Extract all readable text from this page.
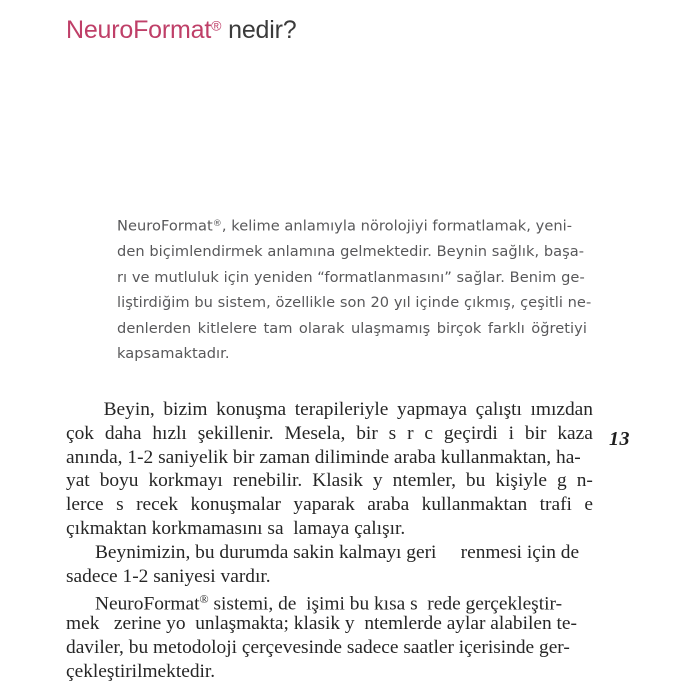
NeuroFormat® nedir?
NeuroFormat®, kelime anlamıyla nörolojiyi formatlamak, yeni-
den biçimlendirmek anlamına gelmektedir. Beynin sağlık, başa-
rı ve mutluluk için yeniden “formatlanmasını” sağlar. Benim ge-
liştirdiğim bu sistem, özellikle son 20 yıl içinde çıkmış, çeşitli ne-
denlerden kitlelere tam olarak ulaşmamış birçok farklı öğretiyi
kapsamaktadır.
Beyin, bizim konuşma terapileriyle yapmaya çalıştı ımızdan
çok daha hızlı şekillenir. Mesela, bir s r c geçirdi i bir kaza
anında, 1-2 saniyelik bir zaman diliminde araba kullanmaktan, ha-
yat boyu korkmayı renebilir. Klasik y ntemler, bu kişiyle g n-
lerce s recek konuşmalar yaparak araba kullanmaktan trafi e
çıkmaktan korkmamasını sa  lamaya çalışır.
Beynimizin, bu durumda sakin kalmayı geri     renmesi için de
sadece 1-2 saniyesi vardır.
NeuroFormat® sistemi, de  işimi bu kısa s  rede gerçekleştir-
mek   zerine yo  unlaşmakta; klasik y  ntemlerde aylar alabilen te-
daviler, bu metodoloji çerçevesinde sadece saatler içerisinde ger-
çekleştirilmektedir.
13
